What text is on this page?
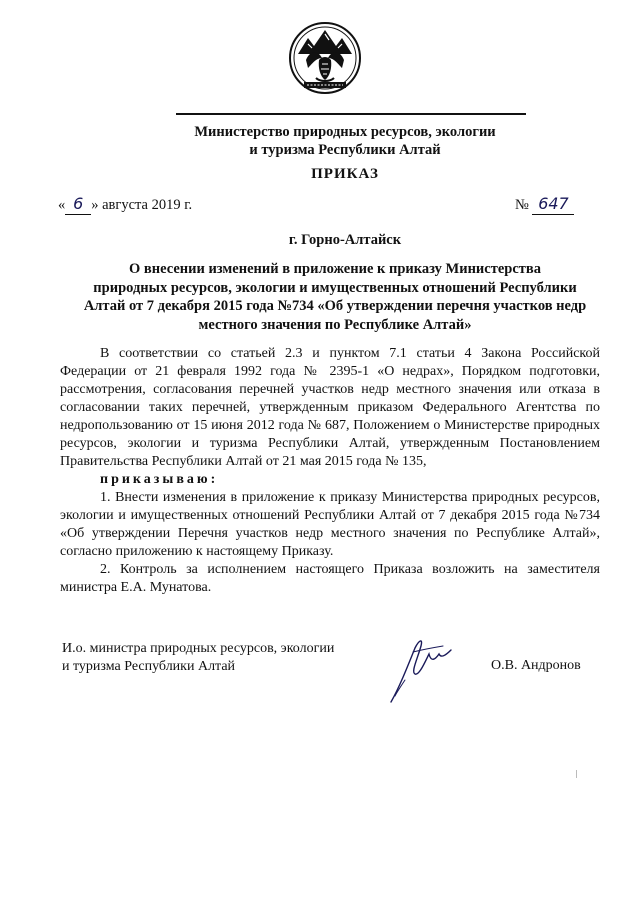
Министерство природных ресурсов, экологии
и туризма Республики Алтай
ПРИКАЗ
« 6 » августа 2019 г.	№ 647
г. Горно-Алтайск
О внесении изменений в приложение к приказу Министерства
природных ресурсов, экологии и имущественных отношений Республики
Алтай от 7 декабря 2015 года №734 «Об утверждении перечня участков недр
местного значения по Республике Алтай»

В соответствии со статьей 2.3 и пунктом 7.1 статьи 4 Закона Российской Федерации от 21 февраля 1992 года № 2395-1 «О недрах», Порядком подготовки, рассмотрения, согласования перечней участков недр местного значения или отказа в согласовании таких перечней, утвержденным приказом Федерального Агентства по недропользованию от 15 июня 2012 года № 687, Положением о Министерстве природных ресурсов, экологии и туризма Республики Алтай, утвержденным Постановлением Правительства Республики Алтай от 21 мая 2015 года № 135,

приказываю:

1. Внести изменения в приложение к приказу Министерства природных ресурсов, экологии и имущественных отношений Республики Алтай от 7 декабря 2015 года №734 «Об утверждении Перечня участков недр местного значения по Республике Алтай», согласно приложению к настоящему Приказу.

2. Контроль за исполнением настоящего Приказа возложить на заместителя министра Е.А. Мунатова.

И.о. министра природных ресурсов, экологии
и туризма Республики Алтай	О.В. Андронов
